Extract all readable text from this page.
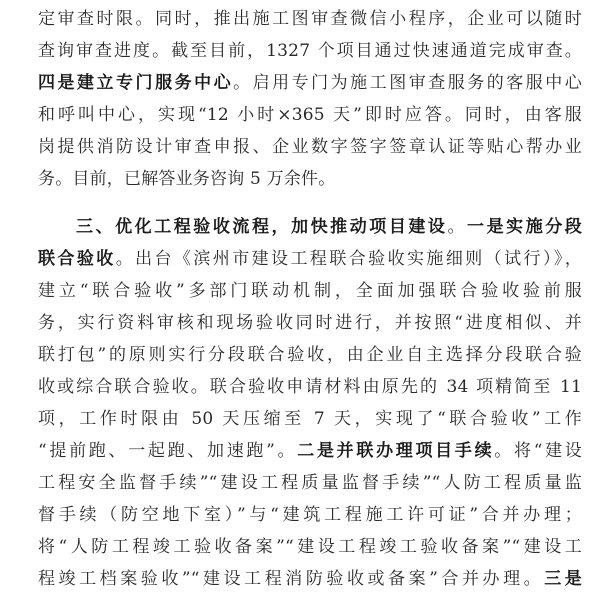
定审查时限。同时，推出施工图审查微信小程序，企业可以随时
查询审查进度。截至目前，1327 个项目通过快速通道完成审查。
四是建立专门服务中心。启用专门为施工图审查服务的客服中心
和呼叫中心，实现“12 小时×365 天”即时应答。同时，由客服
岗提供消防设计审查申报、企业数字签字签章认证等贴心帮办业
务。目前，已解答业务咨询 5 万余件。
三、优化工程验收流程，加快推动项目建设。一是实施分段
联合验收。出台《滨州市建设工程联合验收实施细则（试行）》，
建立“联合验收”多部门联动机制，全面加强联合验收验前服
务，实行资料审核和现场验收同时进行，并按照“进度相似、并
联打包”的原则实行分段联合验收，由企业自主选择分段联合验
收或综合联合验收。联合验收申请材料由原先的 34 项精简至 11
项，工作时限由 50 天压缩至 7 天，实现了“联合验收”工作
“提前跑、一起跑、加速跑”。二是并联办理项目手续。将“建设
工程安全监督手续”“建设工程质量监督手续”“人防工程质量监
督手续（防空地下室）”与“建筑工程施工许可证”合并办理；
将“人防工程竣工验收备案”“建设工程竣工验收备案”“建设工
程竣工档案验收”“建设工程消防验收或备案”合并办理。三是
